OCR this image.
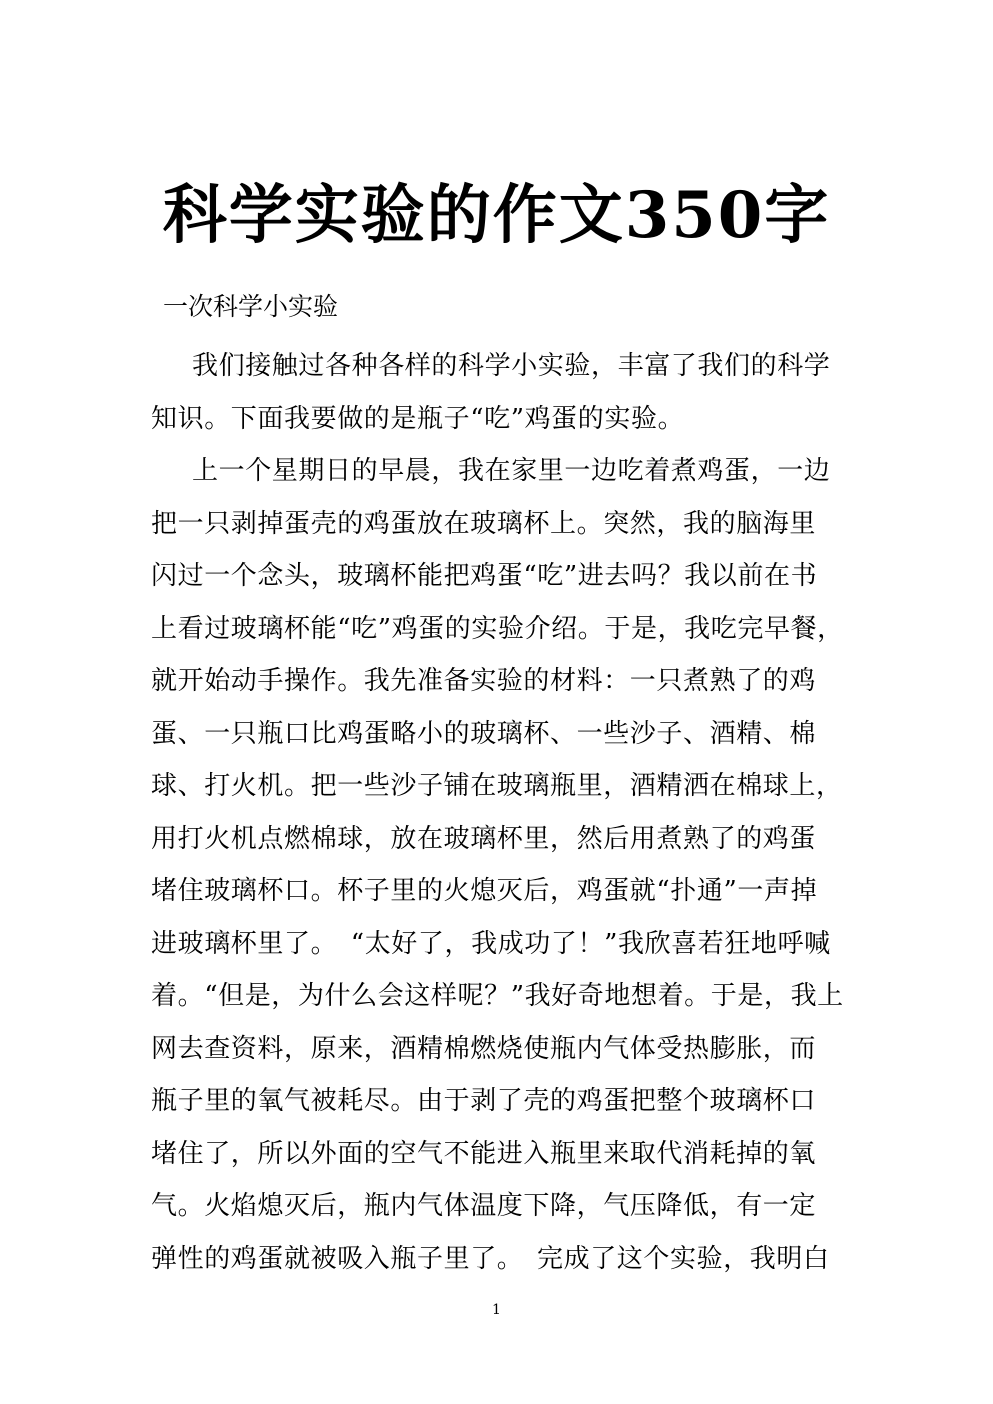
科学实验的作文350字
一次科学小实验
我们接触过各种各样的科学小实验，丰富了我们的科学
知识。下面我要做的是瓶子“吃”鸡蛋的实验。
上一个星期日的早晨，我在家里一边吃着煮鸡蛋，一边
把一只剥掉蛋壳的鸡蛋放在玻璃杯上。突然，我的脑海里
闪过一个念头，玻璃杯能把鸡蛋“吃”进去吗？我以前在书
上看过玻璃杯能“吃”鸡蛋的实验介绍。于是，我吃完早餐，
就开始动手操作。我先准备实验的材料：一只煮熟了的鸡
蛋、一只瓶口比鸡蛋略小的玻璃杯、一些沙子、酒精、棉
球、打火机。把一些沙子铺在玻璃瓶里，酒精洒在棉球上，
用打火机点燃棉球，放在玻璃杯里，然后用煮熟了的鸡蛋
堵住玻璃杯口。杯子里的火熄灭后，鸡蛋就“扑通”一声掉
进玻璃杯里了。　“太好了，我成功了！”我欣喜若狂地呼喊
着。“但是，为什么会这样呢？”我好奇地想着。于是，我上
网去查资料，原来，酒精棉燃烧使瓶内气体受热膨胀，而
瓶子里的氧气被耗尽。由于剥了壳的鸡蛋把整个玻璃杯口
堵住了，所以外面的空气不能进入瓶里来取代消耗掉的氧
气。火焰熄灭后，瓶内气体温度下降，气压降低，有一定
弹性的鸡蛋就被吸入瓶子里了。　完成了这个实验，我明白
1
